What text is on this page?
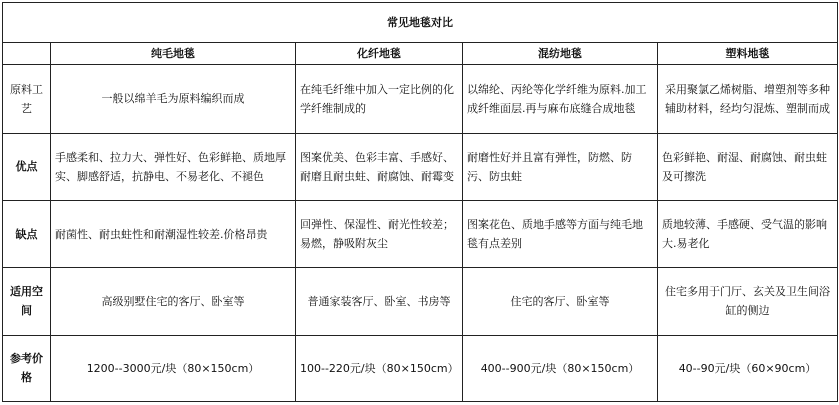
常见地毯对比				
	纯毛地毯	化纤地毯	混纺地毯	塑料地毯
原料工艺	一般以绵羊毛为原料编织而成	在纯毛纤维中加入一定比例的化学纤维制成的	以绵纶、丙纶等化学纤维为原料.加工成纤维面层.再与麻布底缝合成地毯	采用聚氯乙烯树脂、增塑剂等多种辅助材料，经均匀混炼、塑制而成
优点	手感柔和、拉力大、弹性好、色彩鲜艳、质地厚实、脚感舒适，抗静电、不易老化、不褪色	图案优美、色彩丰富、手感好、耐磨且耐虫蛀、耐腐蚀、耐霉变	耐磨性好并且富有弹性，防燃、防污、防虫蛀	色彩鲜艳、耐湿、耐腐蚀、耐虫蛀及可擦洗
缺点	耐菌性、耐虫蛀性和耐潮湿性较差.价格昂贵	回弹性、保湿性、耐光性较差；易燃，静吸附灰尘	图案花色、质地手感等方面与纯毛地毯有点差别	质地较薄、手感硬、受气温的影响大.易老化
适用空间	高级别墅住宅的客厅、卧室等	普通家装客厅、卧室、书房等	住宅的客厅、卧室等	住宅多用于门厅、玄关及卫生间浴缸的侧边
参考价格	1200--3000元/块（80×150cm）	100--220元/块（80×150cm）	400--900元/块（80×150cm）	40--90元/块（60×90cm）
